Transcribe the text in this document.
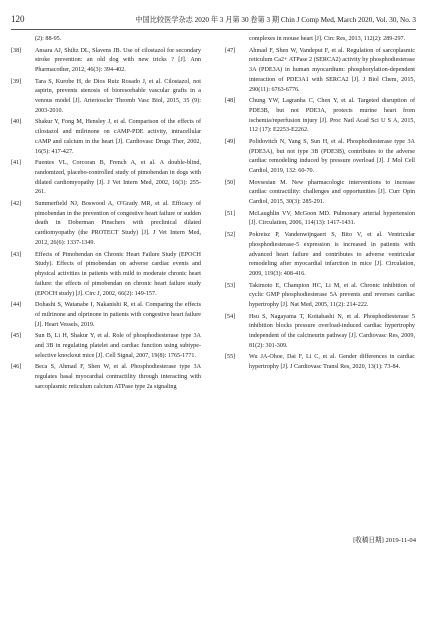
120	中国比较医学杂志 2020 年 3 月第 30 卷第 3 期 Chin J Comp Med, March 2020, Vol. 30, No. 3
(2): 88-95.
[38] Ansara AJ, Shiltz DL, Slavens JB. Use of cilostazol for secondary stroke prevention: an old dog with new tricks ? [J]. Ann Pharmacother, 2012, 46(3): 394-402.
[39] Tara S, Kurobe H, de Dios Ruiz Rosado J, et al. Cilostazol, not aspirin, prevents stenosis of bioresorbable vascular grafts in a venous model [J]. Arterioscler Thromb Vasc Biol, 2015, 35 (9): 2003-2010.
[40] Shakur Y, Fong M, Hensley J, et al. Comparison of the effects of cilostazol and milrinone on cAMP-PDE activity, intracellular cAMP and calcium in the heart [J]. Cardiovasc Drugs Ther, 2002, 16(5): 417-427.
[41] Fuentes VL, Corcoran B, French A, et al. A double-blind, randomized, placebo-controlled study of pimobendan in dogs with dilated cardiomyopathy [J]. J Vet Intern Med, 2002, 16(3): 255-261.
[42] Summerfield NJ, Boswood A, O'Grady MR, et al. Efficacy of pimobendan in the prevention of congestive heart failure or sudden death in Doberman Pinschers with preclinical dilated cardiomyopathy (the PROTECT Study) [J]. J Vet Intern Med, 2012, 26(6): 1337-1349.
[43] Effects of Pimobendan on Chronic Heart Failure Study (EPOCH Study). Effects of pimobendan on adverse cardiac events and physical activities in patients with mild to moderate chronic heart failure: the effects of pimobendan on chronic heart failure study (EPOCH study) [J]. Circ J, 2002, 66(2): 149-157.
[44] Dohashi S, Watanabe I, Nakanishi R, et al. Comparing the effects of milrinone and olprinone in patients with congestive heart failure [J]. Heart Vessels, 2019.
[45] Sun B, Li H, Shakur Y, et al. Role of phosphodiesterase type 3A and 3B in regulating platelet and cardiac function using subtype-selective knockout mice [J]. Cell Signal, 2007, 19(8): 1765-1771.
[46] Beca S, Ahmad F, Shen W, et al. Phosphodiesterase type 3A regulates basal myocardial contractility through interacting with sarcoplasmic reticulum calcium ATPase type 2a signaling
complexes in mouse heart [J]. Circ Res, 2013, 112(2): 289-297.
[47] Ahmad F, Shen W, Vandeput F, et al. Regulation of sarcoplasmic reticulum Ca2+ ATPase 2 (SERCA2) activity by phosphodiesterase 3A (PDE3A) in human myocardium: phosphorylation-dependent interaction of PDE3A1 with SERCA2 [J]. J Biol Chem, 2015, 290(11): 6763-6776.
[48] Chung YW, Lagranha C, Chen Y, et al. Targeted disruption of PDE3B, but not PDE3A, protects murine heart from ischemia/reperfusion injury [J]. Proc Natl Acad Sci U S A, 2015, 112 (17): E2253-E2262.
[49] Polidovitch N, Yang S, Sun H, et al. Phosphodiesterase type 3A (PDE3A), but not type 3B (PDE3B), contributes to the adverse cardiac remodeling induced by pressure overload [J]. J Mol Cell Cardiol, 2019, 132: 60-70.
[50] Movsesian M. New pharmacologic interventions to increase cardiac contractility: challenges and opportunities [J]. Curr Opin Cardiol, 2015, 30(3): 285-291.
[51] McLaughlin VV, McGoon MD. Pulmonary arterial hypertension [J]. Circulation, 2006, 114(13): 1417-1431.
[52] Pokreisz P, Vandenwijngaert S, Bito V, et al. Ventricular phosphodiesterase-5 expression is increased in patients with advanced heart failure and contributes to adverse ventricular remodeling after myocardial infarction in mice [J]. Circulation, 2009, 119(3): 408-416.
[53] Takimoto E, Champion HC, Li M, et al. Chronic inhibition of cyclic GMP phosphodiesterase 5A prevents and reverses cardiac hypertrophy [J]. Nat Med, 2005, 11(2): 214-222.
[54] Hsu S, Nagayama T, Koitabashi N, et al. Phosphodiesterase 5 inhibition blocks pressure overload-induced cardiac hypertrophy independent of the calcineurin pathway [J]. Cardiovasc Res, 2009, 81(2): 301-309.
[55] Wu JA-Ohoe, Dai F, Li C, et al. Gender differences in cardiac hypertrophy [J]. J Cardiovasc Transl Res, 2020, 13(1): 73-84.
[收稿日期] 2019-11-04
